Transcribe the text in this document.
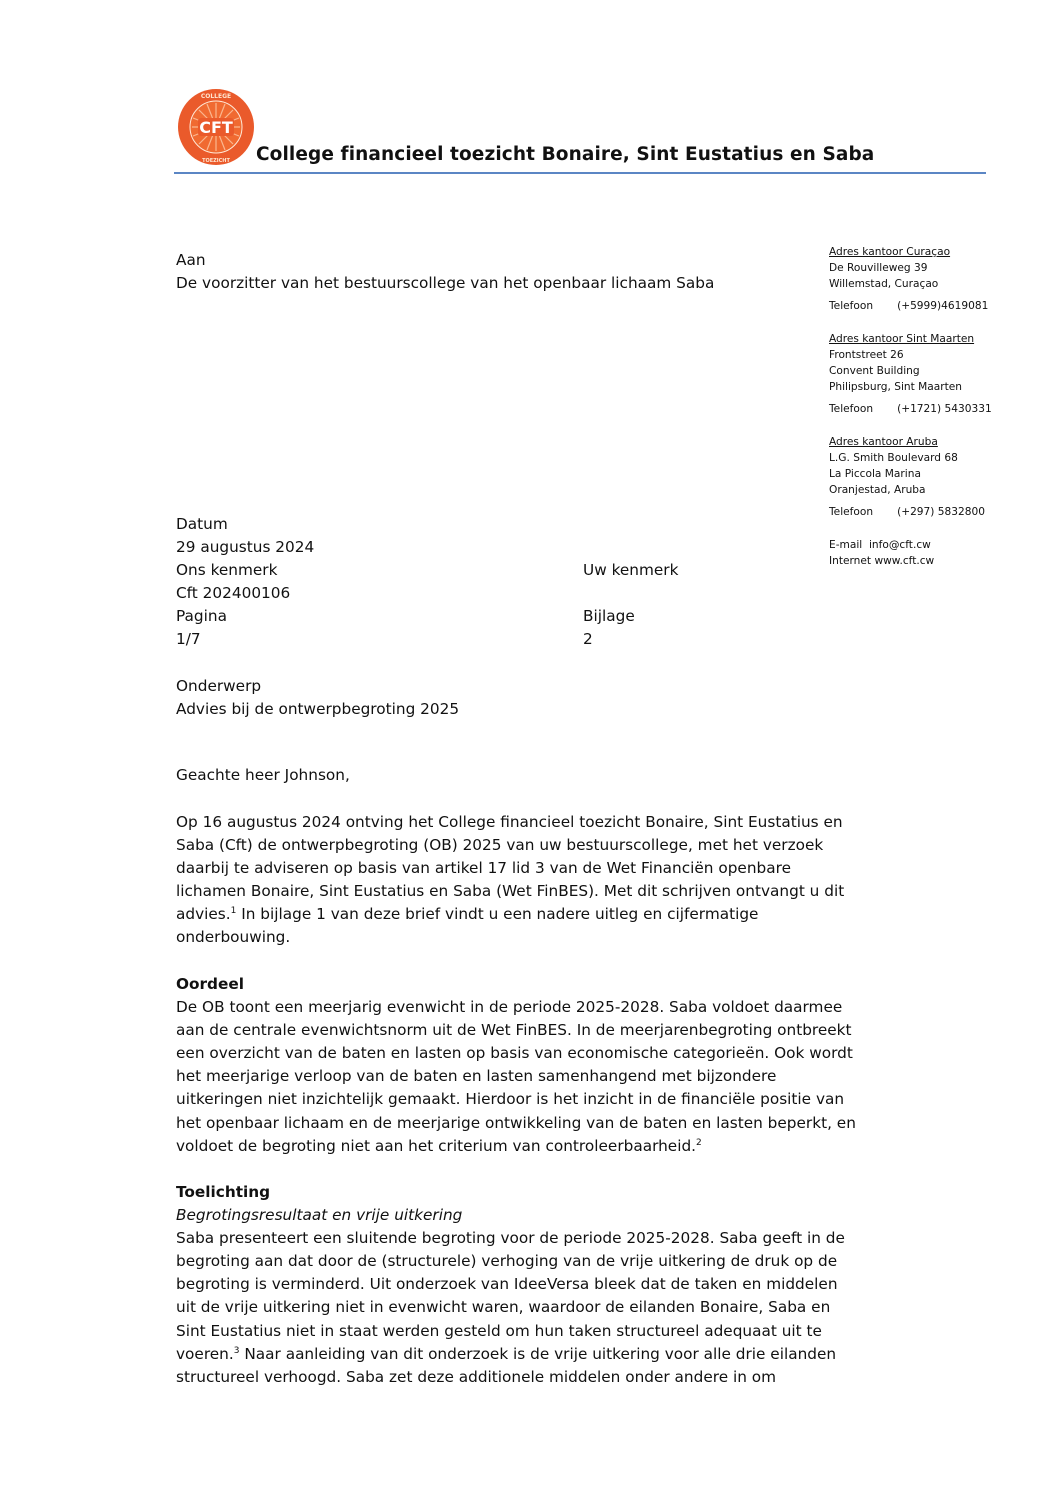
CFT
COLLEGE
TOEZICHT College financieel toezicht Bonaire, Sint Eustatius en Saba
Adres kantoor Curaçao
De Rouvilleweg 39
Willemstad, Curaçao
Telefoon (+5999)4619081
Adres kantoor Sint Maarten
Frontstreet 26
Convent Building
Philipsburg, Sint Maarten
Telefoon (+1721) 5430331
Adres kantoor Aruba
L.G. Smith Boulevard 68
La Piccola Marina
Oranjestad, Aruba
Telefoon (+297) 5832800
E-mail info@cft.cw
Internet www.cft.cw
Aan
De voorzitter van het bestuurscollege van het openbaar lichaam Saba
Datum
29 augustus 2024
Ons kenmerk	Uw kenmerk
Cft 202400106
Pagina	Bijlage
1/7	2
Onderwerp
Advies bij de ontwerpbegroting 2025
Geachte heer Johnson,
Op 16 augustus 2024 ontving het College financieel toezicht Bonaire, Sint Eustatius en
Saba (Cft) de ontwerpbegroting (OB) 2025 van uw bestuurscollege, met het verzoek
daarbij te adviseren op basis van artikel 17 lid 3 van de Wet Financiën openbare
lichamen Bonaire, Sint Eustatius en Saba (Wet FinBES). Met dit schrijven ontvangt u dit
advies.$^1$ In bijlage 1 van deze brief vindt u een nadere uitleg en cijfermatige
onderbouwing.
Oordeel
De OB toont een meerjarig evenwicht in de periode 2025-2028. Saba voldoet daarmee
aan de centrale evenwichtsnorm uit de Wet FinBES. In de meerjarenbegroting ontbreekt
een overzicht van de baten en lasten op basis van economische categorieën. Ook wordt
het meerjarige verloop van de baten en lasten samenhangend met bijzondere
uitkeringen niet inzichtelijk gemaakt. Hierdoor is het inzicht in de financiële positie van
het openbaar lichaam en de meerjarige ontwikkeling van de baten en lasten beperkt, en
voldoet de begroting niet aan het criterium van controleerbaarheid.$^2$
Toelichting
Begrotingsresultaat en vrije uitkering
Saba presenteert een sluitende begroting voor de periode 2025-2028. Saba geeft in de
begroting aan dat door de (structurele) verhoging van de vrije uitkering de druk op de
begroting is verminderd. Uit onderzoek van IdeeVersa bleek dat de taken en middelen
uit de vrije uitkering niet in evenwicht waren, waardoor de eilanden Bonaire, Saba en
Sint Eustatius niet in staat werden gesteld om hun taken structureel adequaat uit te
voeren.$^3$ Naar aanleiding van dit onderzoek is de vrije uitkering voor alle drie eilanden
structureel verhoogd. Saba zet deze additionele middelen onder andere in om
